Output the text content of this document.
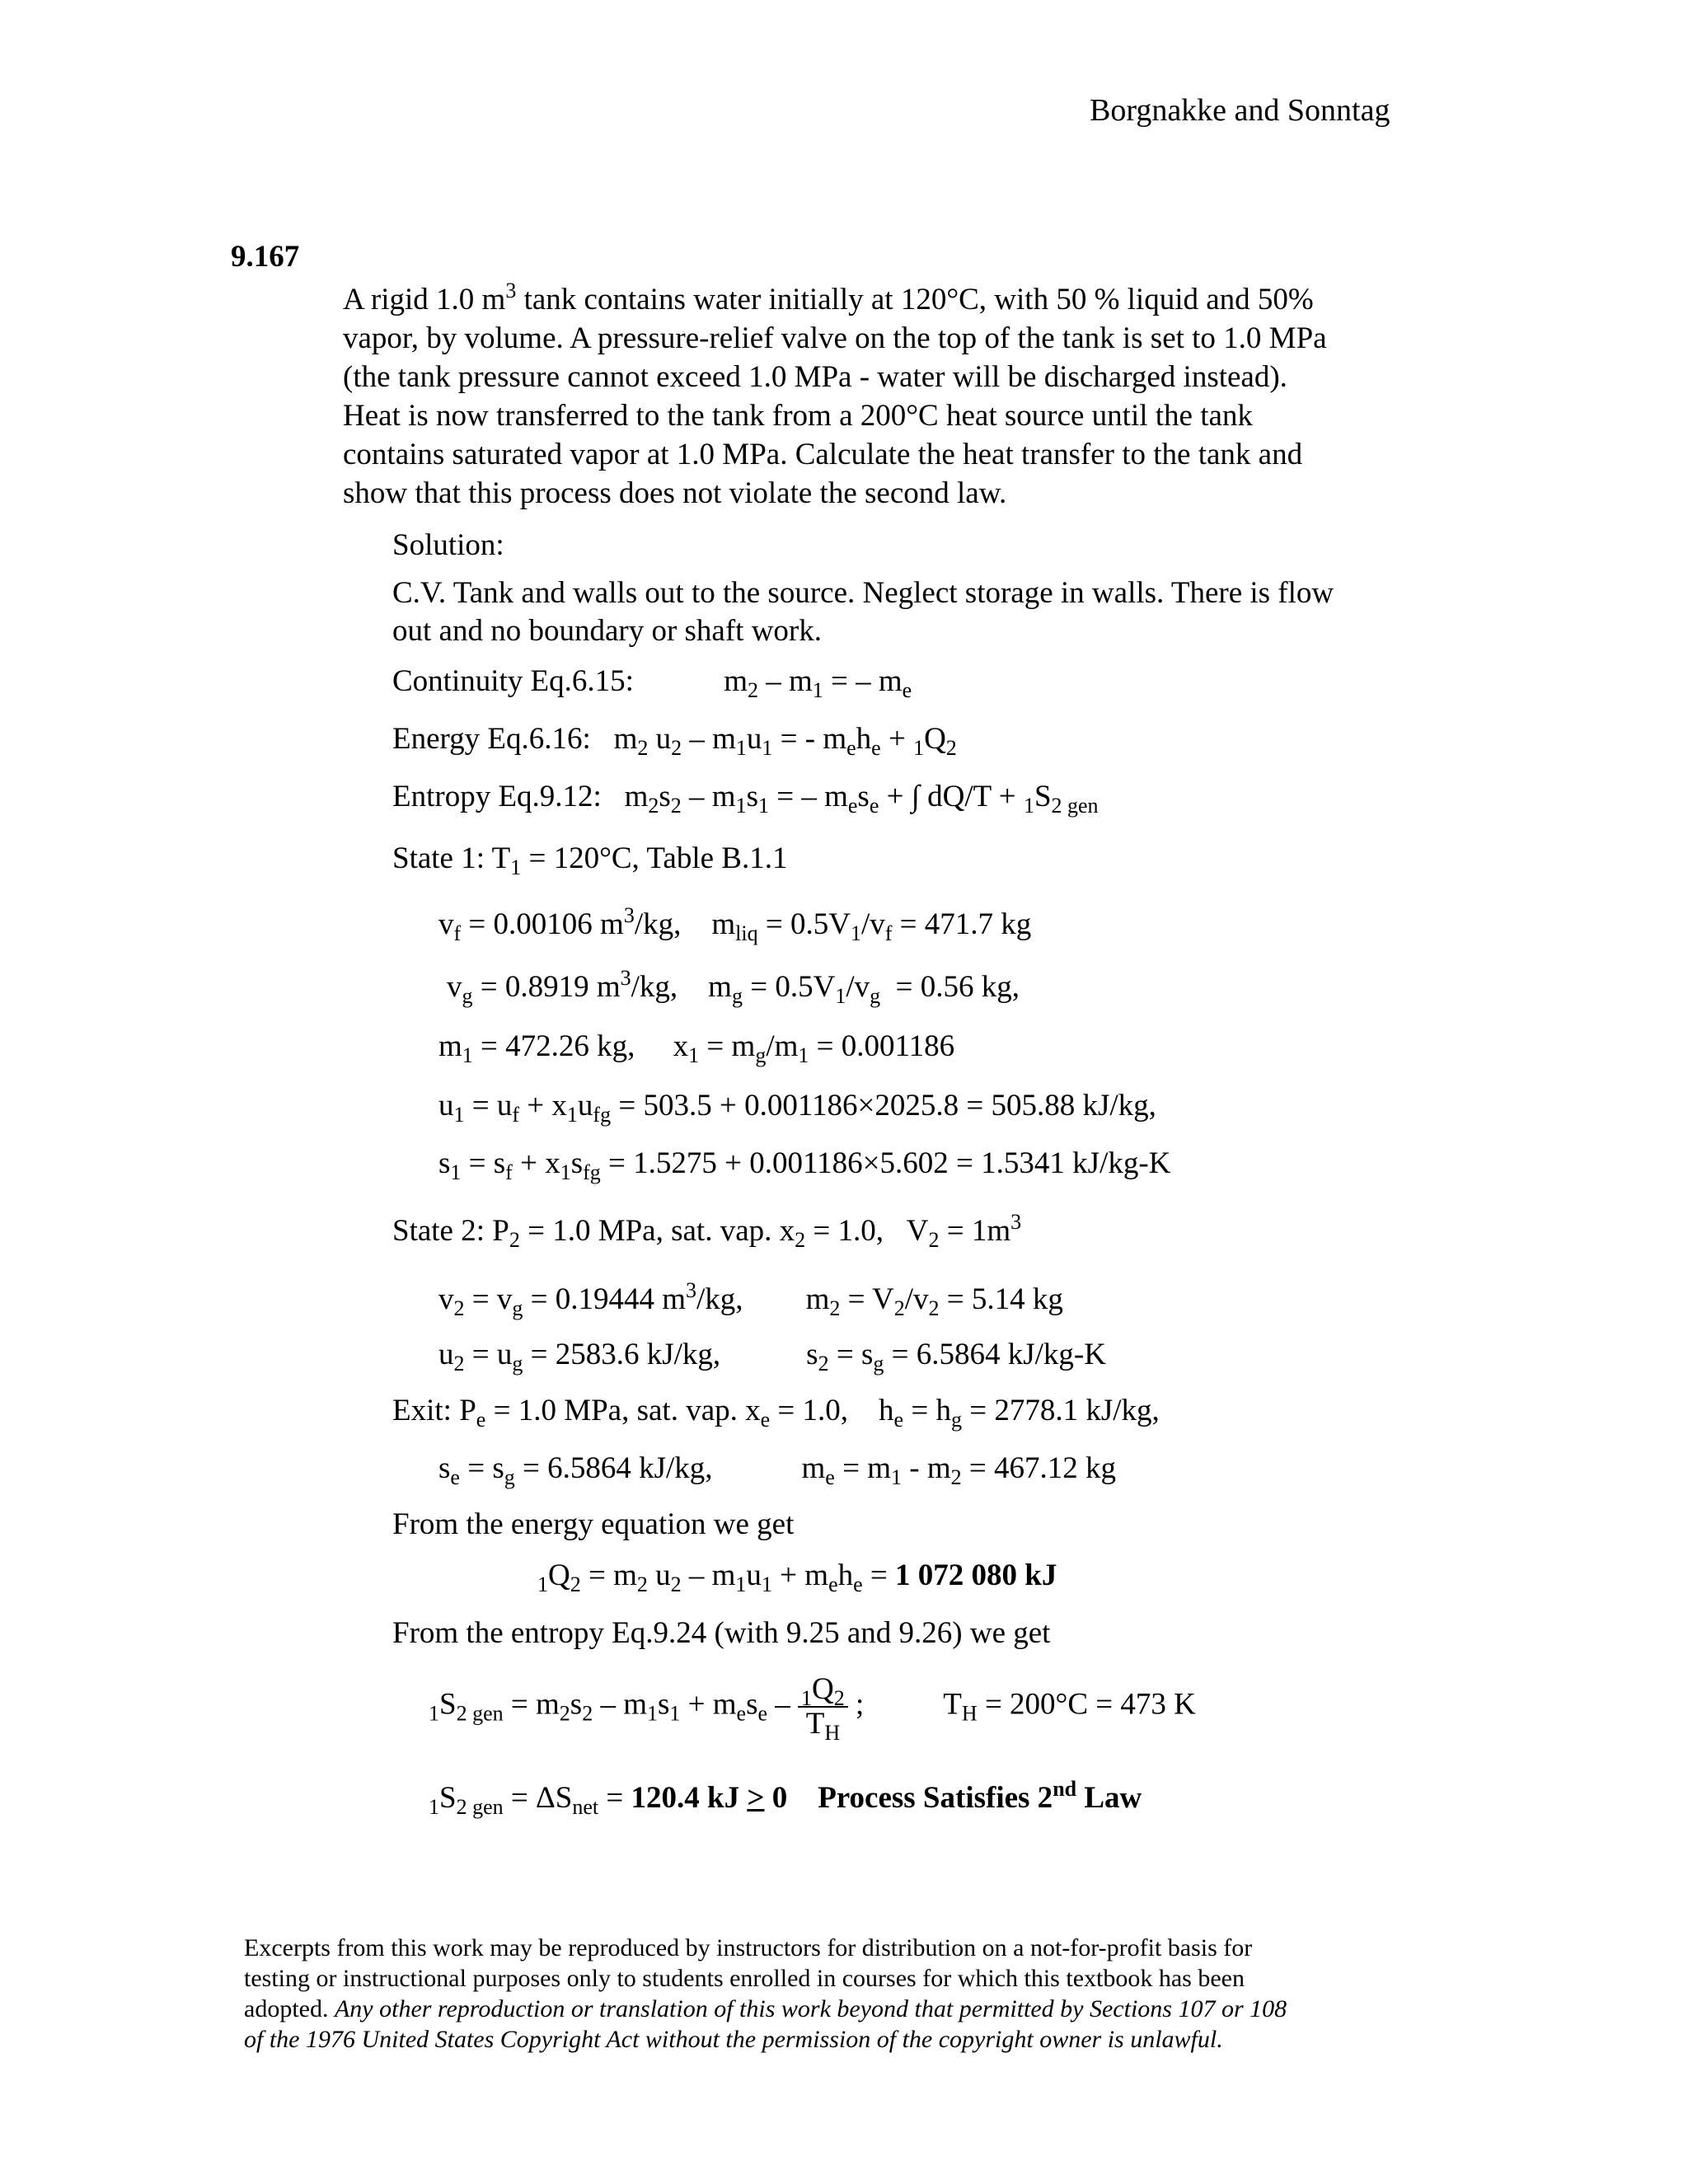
Borgnakke and Sonntag
9.167
A rigid 1.0 $m^3$ tank contains water initially at 120°C, with 50 % liquid and 50%
vapor, by volume. A pressure-relief valve on the top of the tank is set to 1.0 MPa
(the tank pressure cannot exceed 1.0 MPa - water will be discharged instead).
Heat is now transferred to the tank from a 200°C heat source until the tank
contains saturated vapor at 1.0 MPa. Calculate the heat transfer to the tank and
show that this process does not violate the second law.
Solution:
C.V. Tank and walls out to the source. Neglect storage in walls. There is flow
out and no boundary or shaft work.
Continuity Eq.6.15:	$m_2 - m_1$ = – $m_e$
Energy Eq.6.16:   $m_2$ $u_2 - m_1u_1$ = - $m_eh_e + _1Q_2$
Entropy Eq.9.12:   $m_2s_2 - m_1s_1$ = – $m_es_e$ + ∫ $dQ/T + _1S_{2 gen}$
State 1: $T_1 = 120^\circ C$, Table B.1.1
$v_f = 0.00106$ $m^3/kg$,    $m_{liq} = 0.5V_1/v_f = 471.7$ kg
$v_g = 0.8919$ $m^3/kg$,    $m_g = 0.5V_1/v_g = 0.56$ kg,
$m_1 = 472.26$ kg,     $x_1 = m_g/m_1 = 0.001186$
$u_1 = u_f + x_1u_{fg} = 503.5 + 0.001186\times 2025.8 = 505.88$ kJ/kg,
$s_1 = s_f + x_1s_{fg} = 1.5275 + 0.001186\times 5.602 = 1.5341$ kJ/kg-K
State 2: $P_2 = 1.0$ MPa, sat. vap. $x_2 = 1.0$,   $V_2 = 1m^3$
$v_2 = v_g = 0.19444$ $m^3/kg$, $m_2 = V_2/v_2 = 5.14$ kg
$u_2 = u_g = 2583.6$ kJ/kg,	$s_2 = s_g = 6.5864$ kJ/kg-K
Exit: $P_e = 1.0$ MPa, sat. vap. $x_e = 1.0$,    $h_e = h_g = 2778.1$ kJ/kg,
$s_e = s_g = 6.5864$ kJ/kg,	$m_e = m_1 - m_2 = 467.12$ kg
From the energy equation we get
$_1Q_2 = m_2$ $u_2 - m_1u_1 + m_eh_e = 1$ 072 080 kJ
From the entropy Eq.9.24 (with 9.25 and 9.26) we get
$_1S_{2 gen} = m_2s_2 - m_1s_1 + m_es_e - \frac{_1Q_2}{T_H}$ ;	$T_H = 200^\circ C = 473$ K
$_1S_{2 gen} = \Delta S_{net} = 120.4$ kJ > 0 Process Satisfies 2nd Law
Excerpts from this work may be reproduced by instructors for distribution on a not-for-profit basis for
testing or instructional purposes only to students enrolled in courses for which this textbook has been
adopted. Any other reproduction or translation of this work beyond that permitted by Sections 107 or 108
of the 1976 United States Copyright Act without the permission of the copyright owner is unlawful.
